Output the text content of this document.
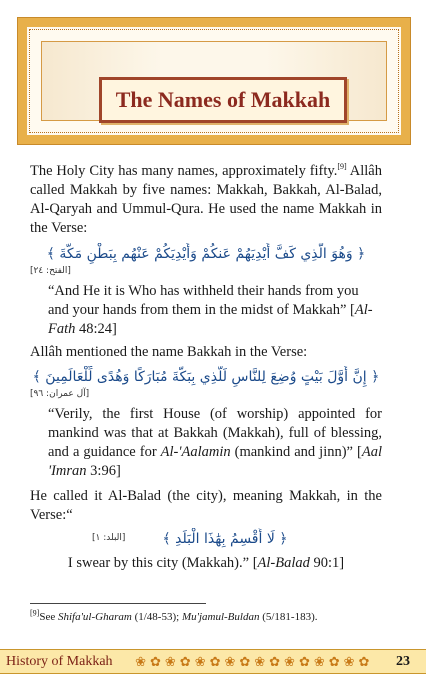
The Names of Makkah

The Holy City has many names, approximately fifty.[9] Allâh called Makkah by five names: Makkah, Bakkah, Al-Balad, Al-Qaryah and Ummul-Qura. He used the name Makkah in the Verse:

﴿ وَهُوَ الَّذِي كَفَّ أَيْدِيَهُمْ عَنكُمْ وَأَيْدِيَكُمْ عَنْهُم بِبَطْنِ مَكَّةَ ﴾
[الفتح: ٢٤]

“And He it is Who has withheld their hands from you and your hands from them in the midst of Makkah” [Al-Fath 48:24]

Allâh mentioned the name Bakkah in the Verse:

﴿ إِنَّ أَوَّلَ بَيْتٍ وُضِعَ لِلنَّاسِ لَلَّذِي بِبَكَّةَ مُبَارَكًا وَهُدًى لِّلْعَالَمِينَ ﴾
[آل عمران: ٩٦]

“Verily, the first House (of worship) appointed for mankind was that at Bakkah (Makkah), full of blessing, and a guidance for Al-'Aalamin (mankind and jinn)” [Aal 'Imran 3:96]

He called it Al-Balad (the city), meaning Makkah, in the Verse:“

﴿ لَا أُقْسِمُ بِهَٰذَا الْبَلَدِ ﴾
[البلد: ١]

I swear by this city (Makkah).” [Al-Balad 90:1]

[9]See Shifa'ul-Gharam (1/48-53); Mu'jamul-Buldan (5/181-183).
History of Makkah	❀✿❀✿❀✿❀✿❀✿❀✿❀✿❀✿	23
